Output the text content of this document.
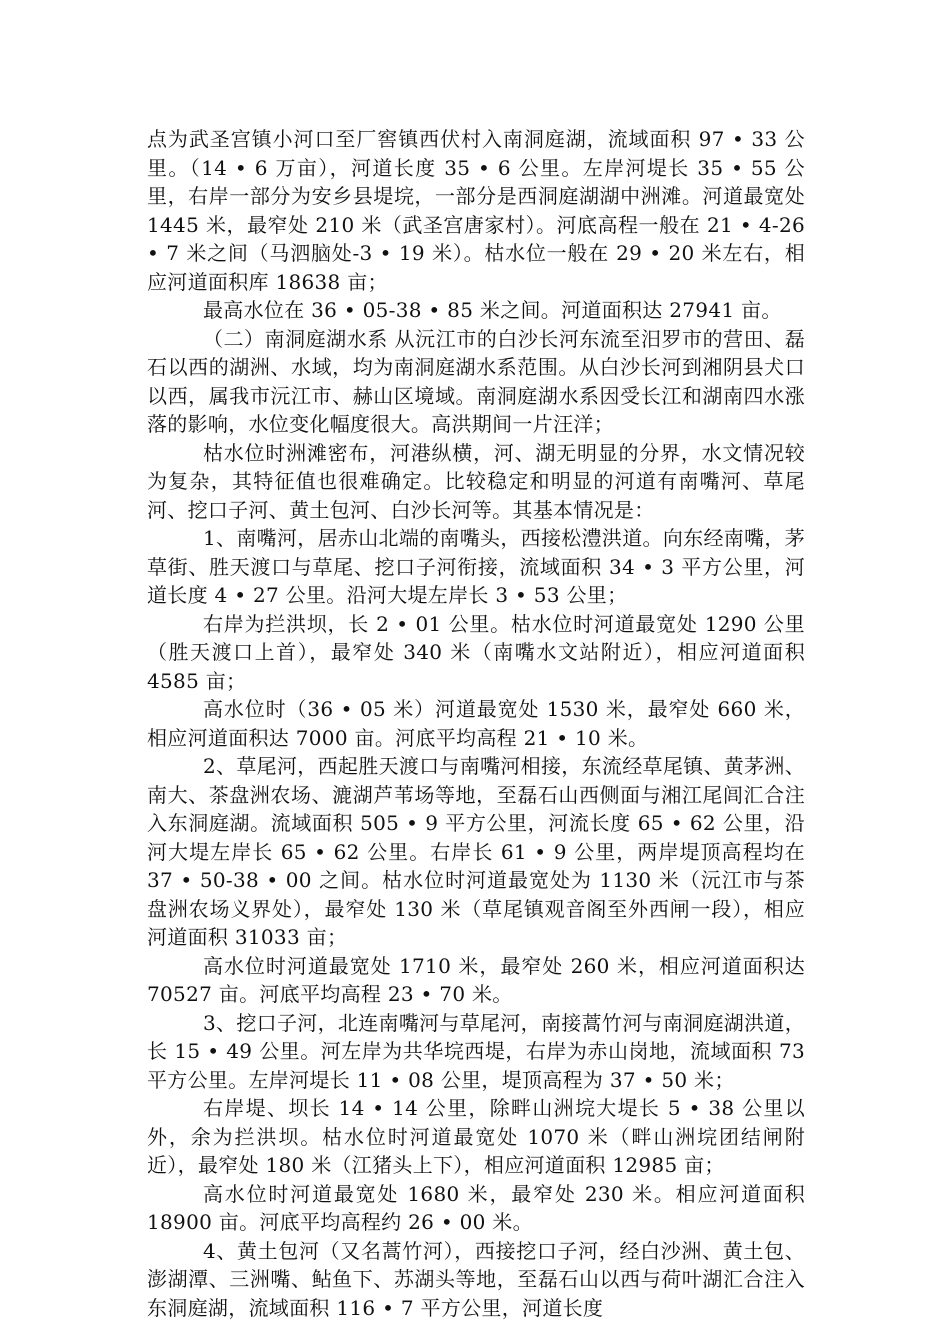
点为武圣宫镇小河口至厂窖镇西伏村入南洞庭湖，流域面积 97 • 33 公里。（14 • 6 万亩），河道长度 35 • 6 公里。左岸河堤长 35 • 55 公里，右岸一部分为安乡县堤垸，一部分是西洞庭湖湖中洲滩。河道最宽处 1445 米，最窄处 210 米（武圣宫唐家村）。河底高程一般在 21 • 4-26 • 7 米之间（马泗脑处-3 • 19 米）。枯水位一般在 29 • 20 米左右，相应河道面积库 18638 亩；

最高水位在 36 • 05-38 • 85 米之间。河道面积达 27941 亩。

（二）南洞庭湖水系 从沅江市的白沙长河东流至汨罗市的营田、磊石以西的湖洲、水域，均为南洞庭湖水系范围。从白沙长河到湘阴县犬口以西，属我市沅江市、赫山区境域。南洞庭湖水系因受长江和湖南四水涨落的影响，水位变化幅度很大。高洪期间一片汪洋；

枯水位时洲滩密布，河港纵横，河、湖无明显的分界，水文情况较为复杂，其特征值也很难确定。比较稳定和明显的河道有南嘴河、草尾河、挖口子河、黄土包河、白沙长河等。其基本情况是：

1、南嘴河，居赤山北端的南嘴头，西接松澧洪道。向东经南嘴，茅草街、胜天渡口与草尾、挖口子河衔接，流域面积 34 • 3 平方公里，河道长度 4 • 27 公里。沿河大堤左岸长 3 • 53 公里；

右岸为拦洪坝，长 2 • 01 公里。枯水位时河道最宽处 1290 公里（胜天渡口上首），最窄处 340 米（南嘴水文站附近），相应河道面积 4585 亩；

高水位时（36 • 05 米）河道最宽处 1530 米，最窄处 660 米，相应河道面积达 7000 亩。河底平均高程 21 • 10 米。

2、草尾河，西起胜天渡口与南嘴河相接，东流经草尾镇、黄茅洲、南大、茶盘洲农场、漉湖芦苇场等地，至磊石山西侧面与湘江尾闾汇合注入东洞庭湖。流域面积 505 • 9 平方公里，河流长度 65 • 62 公里，沿河大堤左岸长 65 • 62 公里。右岸长 61 • 9 公里，两岸堤顶高程均在 37 • 50-38 • 00 之间。枯水位时河道最宽处为 1130 米（沅江市与茶盘洲农场义界处），最窄处 130 米（草尾镇观音阁至外西闸一段），相应河道面积 31033 亩；

高水位时河道最宽处 1710 米，最窄处 260 米，相应河道面积达 70527 亩。河底平均高程 23 • 70 米。

3、挖口子河，北连南嘴河与草尾河，南接蒿竹河与南洞庭湖洪道，长 15 • 49 公里。河左岸为共华垸西堤，右岸为赤山岗地，流域面积 73 平方公里。左岸河堤长 11 • 08 公里，堤顶高程为 37 • 50 米；

右岸堤、坝长 14 • 14 公里，除畔山洲垸大堤长 5 • 38 公里以外，余为拦洪坝。枯水位时河道最宽处 1070 米（畔山洲垸团结闸附近），最窄处 180 米（江猪头上下），相应河道面积 12985 亩；

高水位时河道最宽处 1680 米，最窄处 230 米。相应河道面积 18900 亩。河底平均高程约 26 • 00 米。

4、黄土包河（又名蒿竹河），西接挖口子河，经白沙洲、黄土包、澎湖潭、三洲嘴、鲇鱼下、苏湖头等地，至磊石山以西与荷叶湖汇合注入东洞庭湖，流域面积 116 • 7 平方公里，河道长度
